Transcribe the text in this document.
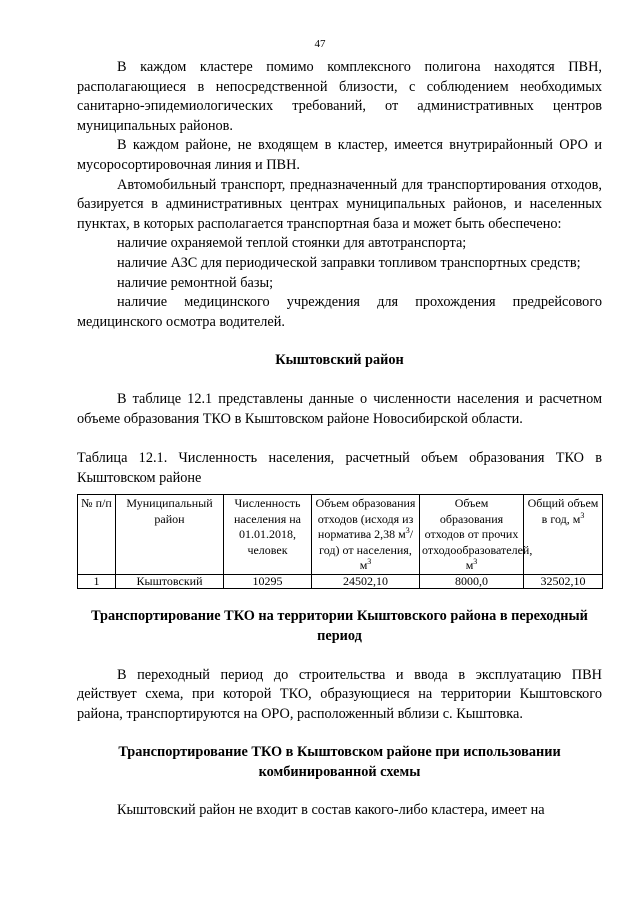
47

В каждом кластере помимо комплексного полигона находятся ПВН, располагающиеся в непосредственной близости, с соблюдением необходимых санитарно-эпидемиологических требований, от административных центров муниципальных районов.

В каждом районе, не входящем в кластер, имеется внутрирайонный ОРО и мусоросортировочная линия и ПВН.

Автомобильный транспорт, предназначенный для транспортирования отходов, базируется в административных центрах муниципальных районов, и населенных пунктах, в которых располагается транспортная база и может быть обеспечено:

наличие охраняемой теплой стоянки для автотранспорта;

наличие АЗС для периодической заправки топливом транспортных средств;

наличие ремонтной базы;

наличие медицинского учреждения для прохождения предрейсового медицинского осмотра водителей.

Кыштовский район

В таблице 12.1 представлены данные о численности населения и расчетном объеме образования ТКО в Кыштовском районе Новосибирской области.

Таблица 12.1. Численность населения, расчетный объем образования ТКО в Кыштовском районе

№ п/п	Муниципальный район	Численность населения на 01.01.2018, человек	Объем образования отходов (исходя из норматива 2,38 $м^3/год$) от населения, $м^3$	Объем образования отходов от прочих отходообразователей, $м^3$	Общий объем в год, $м^3$
1	Кыштовский	10295	24502,10	8000,0	32502,10
Транспортирование ТКО на территории Кыштовского района в переходный период

В переходный период до строительства и ввода в эксплуатацию ПВН действует схема, при которой ТКО, образующиеся на территории Кыштовского района, транспортируются на ОРО, расположенный вблизи с. Кыштовка.

Транспортирование ТКО в Кыштовском районе при использовании комбинированной схемы

Кыштовский район не входит в состав какого-либо кластера, имеет на
